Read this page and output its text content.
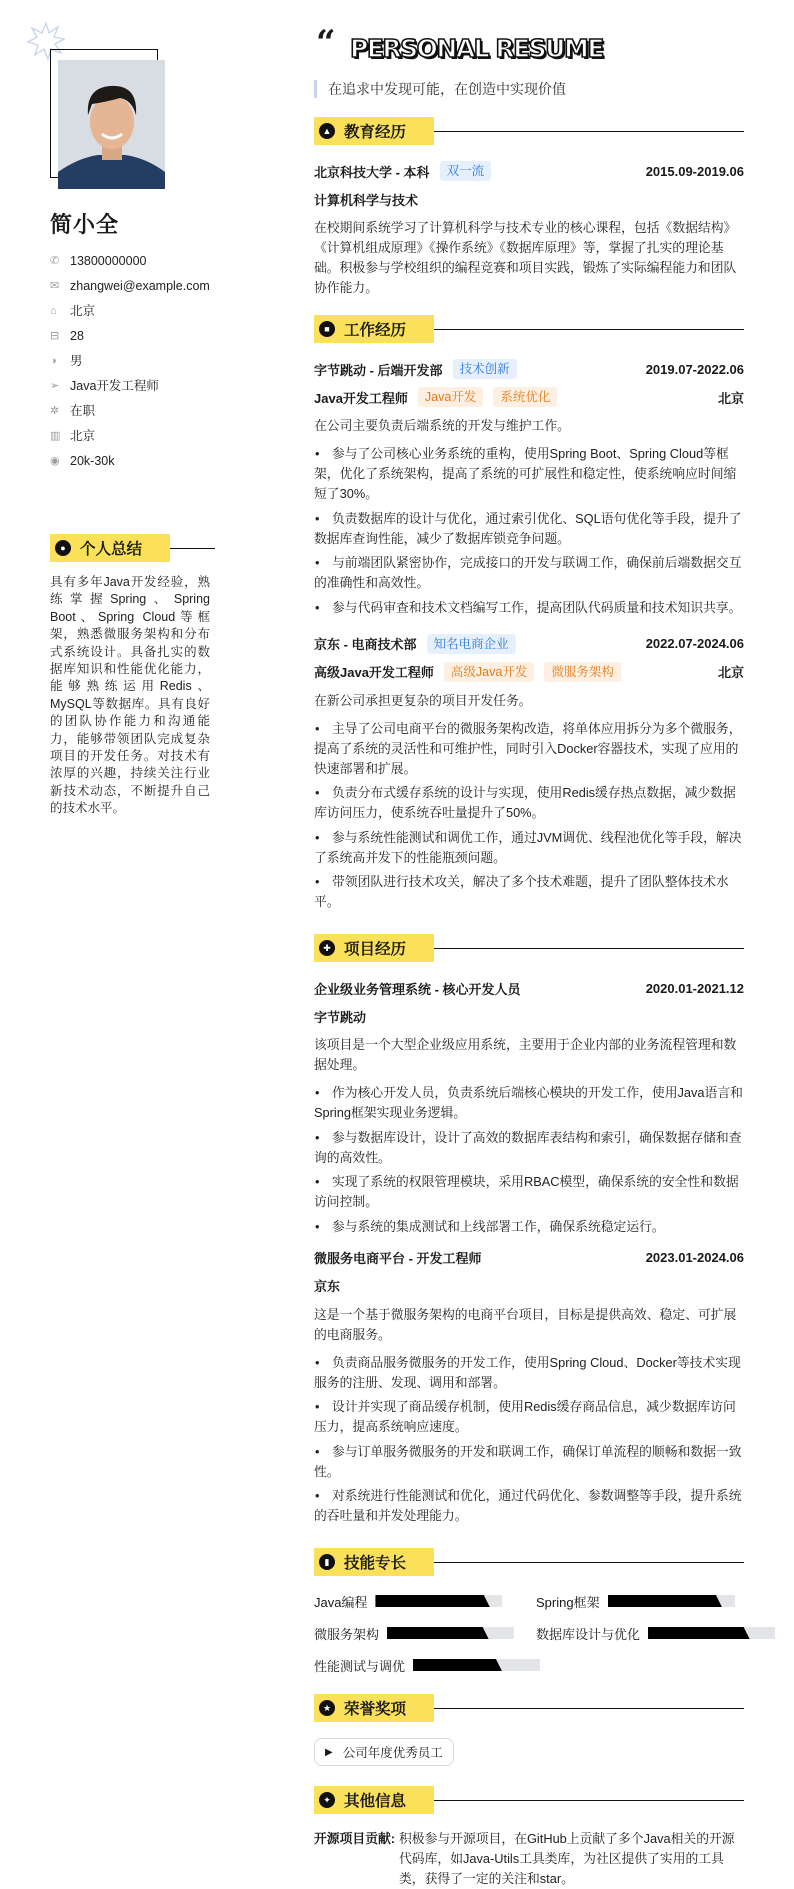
简小全
✆ 13800000000
✉ zhangwei@example.com
⌂	北京
⊟ 28
◑	男
➢ Java开发工程师
✲ 在职
▥ 北京
◉ 20k-30k
● 个人总结

具有多年Java开发经验，熟练掌握Spring、Spring Boot、Spring Cloud等框架，熟悉微服务架构和分布式系统设计。具备扎实的数据库知识和性能优化能力，能够熟练运用Redis、MySQL等数据库。具有良好的团队协作能力和沟通能力，能够带领团队完成复杂项目的开发任务。对技术有浓厚的兴趣，持续关注行业新技术动态，不断提升自己的技术水平。

“ PERSONAL RESUME
在追求中发现可能，在创造中实现价值
▲ 教育经历
北京科技大学 - 本科	双一流	2015.09-2019.06
计算机科学与技术

在校期间系统学习了计算机科学与技术专业的核心课程，包括《数据结构》《计算机组成原理》《操作系统》《数据库原理》等，掌握了扎实的理论基础。积极参与学校组织的编程竞赛和项目实践，锻炼了实际编程能力和团队协作能力。

■ 工作经历
字节跳动 - 后端开发部	技术创新	2019.07-2022.06
Java开发工程师	Java开发	系统优化	北京

在公司主要负责后端系统的开发与维护工作。

• 参与了公司核心业务系统的重构，使用Spring Boot、Spring Cloud等框架，优化了系统架构，提高了系统的可扩展性和稳定性，使系统响应时间缩短了30%。
• 负责数据库的设计与优化，通过索引优化、SQL语句优化等手段，提升了数据库查询性能，减少了数据库锁竞争问题。
• 与前端团队紧密协作，完成接口的开发与联调工作，确保前后端数据交互的准确性和高效性。
• 参与代码审查和技术文档编写工作，提高团队代码质量和技术知识共享。
京东 - 电商技术部	知名电商企业	2022.07-2024.06
高级Java开发工程师	高级Java开发	微服务架构	北京

在新公司承担更复杂的项目开发任务。

• 主导了公司电商平台的微服务架构改造，将单体应用拆分为多个微服务，提高了系统的灵活性和可维护性，同时引入Docker容器技术，实现了应用的快速部署和扩展。
• 负责分布式缓存系统的设计与实现，使用Redis缓存热点数据，减少数据库访问压力，使系统吞吐量提升了50%。
• 参与系统性能测试和调优工作，通过JVM调优、线程池优化等手段，解决了系统高并发下的性能瓶颈问题。
• 带领团队进行技术攻关，解决了多个技术难题，提升了团队整体技术水平。
✚ 项目经历
企业级业务管理系统 - 核心开发人员	2020.01-2021.12
字节跳动

该项目是一个大型企业级应用系统，主要用于企业内部的业务流程管理和数据处理。

• 作为核心开发人员，负责系统后端核心模块的开发工作，使用Java语言和Spring框架实现业务逻辑。
• 参与数据库设计，设计了高效的数据库表结构和索引，确保数据存储和查询的高效性。
• 实现了系统的权限管理模块，采用RBAC模型，确保系统的安全性和数据访问控制。
• 参与系统的集成测试和上线部署工作，确保系统稳定运行。
微服务电商平台 - 开发工程师	2023.01-2024.06
京东

这是一个基于微服务架构的电商平台项目，目标是提供高效、稳定、可扩展的电商服务。

• 负责商品服务微服务的开发工作，使用Spring Cloud、Docker等技术实现服务的注册、发现、调用和部署。
• 设计并实现了商品缓存机制，使用Redis缓存商品信息，减少数据库访问压力，提高系统响应速度。
• 参与订单服务微服务的开发和联调工作，确保订单流程的顺畅和数据一致性。
• 对系统进行性能测试和优化，通过代码优化、参数调整等手段，提升系统的吞吐量和并发处理能力。
▮ 技能专长
Java编程	Spring框架
微服务架构	数据库设计与优化
性能测试与调优
★ 荣誉奖项
▶ 公司年度优秀员工
✦ 其他信息
开源项目贡献: 积极参与开源项目，在GitHub上贡献了多个Java相关的开源代码库，如Java-Utils工具类库，为社区提供了实用的工具类，获得了一定的关注和star。
